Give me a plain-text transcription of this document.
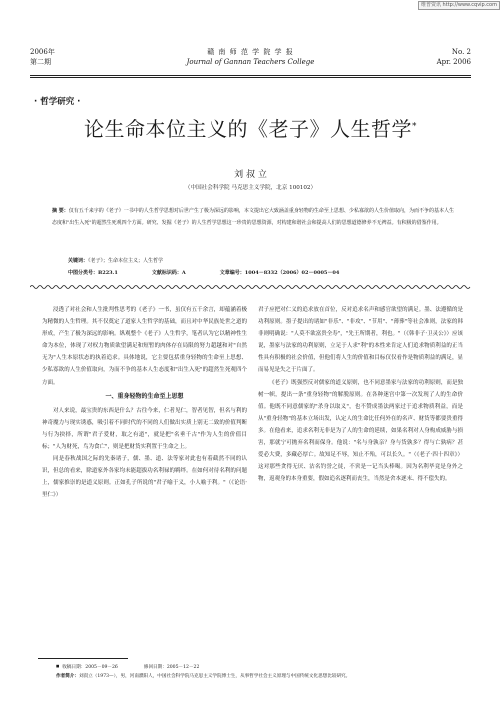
维普资讯 http://www.cqvip.com
2006年
第二期
赣 南 师 范 学 院 学 报
Journal of Gannan Teachers College
No. 2
Apr. 2006
· 哲学研究 ·
论生命本位主义的《老子》人生哲学*
刘 叔 立
（中国社会科学院 马克思主义学院，北京 100102）
摘 要：仅有五千来字的《老子》一书中的人生哲学思想对后世产生了极为深远的影响，本文提出它大致涵盖重身轻物的生命至上思想、少私寡欲的人生价值取向，为而不争的基本人生态度和"出生入死"的超然生死观四个方面。研究、发掘《老子》的人生哲学思想这一珍贵的思想资源，对构建和谐社会和提高人们的思想道德修养不无裨益。有积极的借鉴作用。
关键词：《老子》；生命本位主义；人生哲学
中图分类号：B223.1	文献标识码：A	文章编号：1004－8332（2006）02－0005－04

浸透了对社会和人生批判性思考的《老子》一书，虽仅有五千余言，却蕴涵着极为精微的人生哲理。其不仅奠定了道家人生哲学的基础，而且对中华民族处世之道的形成，产生了极为深远的影响。纵观整个《老子》人生哲学，笔者认为它以精神性生命为本位，体现了对权力物质欲望满足和短暂的肉体存在局限的努力超越和对"自然无为"人生本原状态的执着追求。具体地说，它主要包括重身轻物的生命至上思想、少私寡欲的人生价值取向，为而不争的基本人生态度和"出生入死"的超然生死观四个方面。

一、重身轻物的生命至上思想

对人来说，最宝贵的东西是什么？古往今来，仁者见仁，智者见智，但名与利的神奇魔力与现实诱惑，吸引着不同时代的不同的人们做出实质上别无二致的价值判断与行为抉择，所谓"君子爱财，取之有道"，就是把"名垂千古"作为人生的价值目标；"人为财死，鸟为食亡"，则是把财货实利置于生命之上。

同是春秋战国之际的先秦诸子，儒、墨、道、法等家对此也有着截然不同的认识，但总的看来，除道家外各家均未能超拔功名利禄的羁绊。在如何对待名利的问题上，儒家推崇的是道义原则。正如孔子所说的"君子喻于义，小人喻于利。"（《论语·里仁》）

君子应把对仁义的追求放在首位，反对追求名声和感官欲望的满足。墨、法遵循的是功利原则。墨子提出的诸如"非乐"、"非攻"、"节用"、"薄葬"等社会准则，法家的韩非则明确说："人莫不欲富贵全寿"，"先王所期者，利也。"（《韩非子·卫灵公》）应该说，墨家与法家的功利原则，立足于人求"利"的本性来肯定人们追求物质利益的正当性具有积极的社会价值，但他们将人生的价值和目标仅仅看作是物质利益的满足，显而易见是失之于片面了。

《老子》既强烈反对儒家的道义原则，也不同意墨家与法家的功利原则，而是独树一帜，提出一条"重身轻物"的解脱原则。在各种迷宫中第一次发现了人的生命价值。他既不同意儒家的"杀身以取义"，也不赞成墨法两家过于追求物质利益，而是从"重身轻物"的基本立场出发，认定人的生命比任何外在的名声、财货等都要贵重得多。在他看来，追求名利无非是为了人的生命的延续，如果名利对人身构成威胁与损害，那就宁可抛弃名利而保身。他说："名与身孰亲？身与货孰多？得与亡孰病？甚爱必大费，多藏必厚亡。故知足不辱，知止不殆，可以长久。"（《老子·四十四章》）这对那些贪得无厌、沽名钓誉之徒，不啻是一记当头棒喝。因为名利毕竟是身外之物，返观身的本身重要，假如追名逐利而丧生，当然是舍本逐末、得不偿失的。

■ 收稿日期：2005－09－26	修回日期：2005－12－22
作者简介：刘叔立（1973—），男，河南濮阳人，中国社会科学院马克思主义学院博士生，从事哲学社会主义原理与中国传统文化思想比较研究。
